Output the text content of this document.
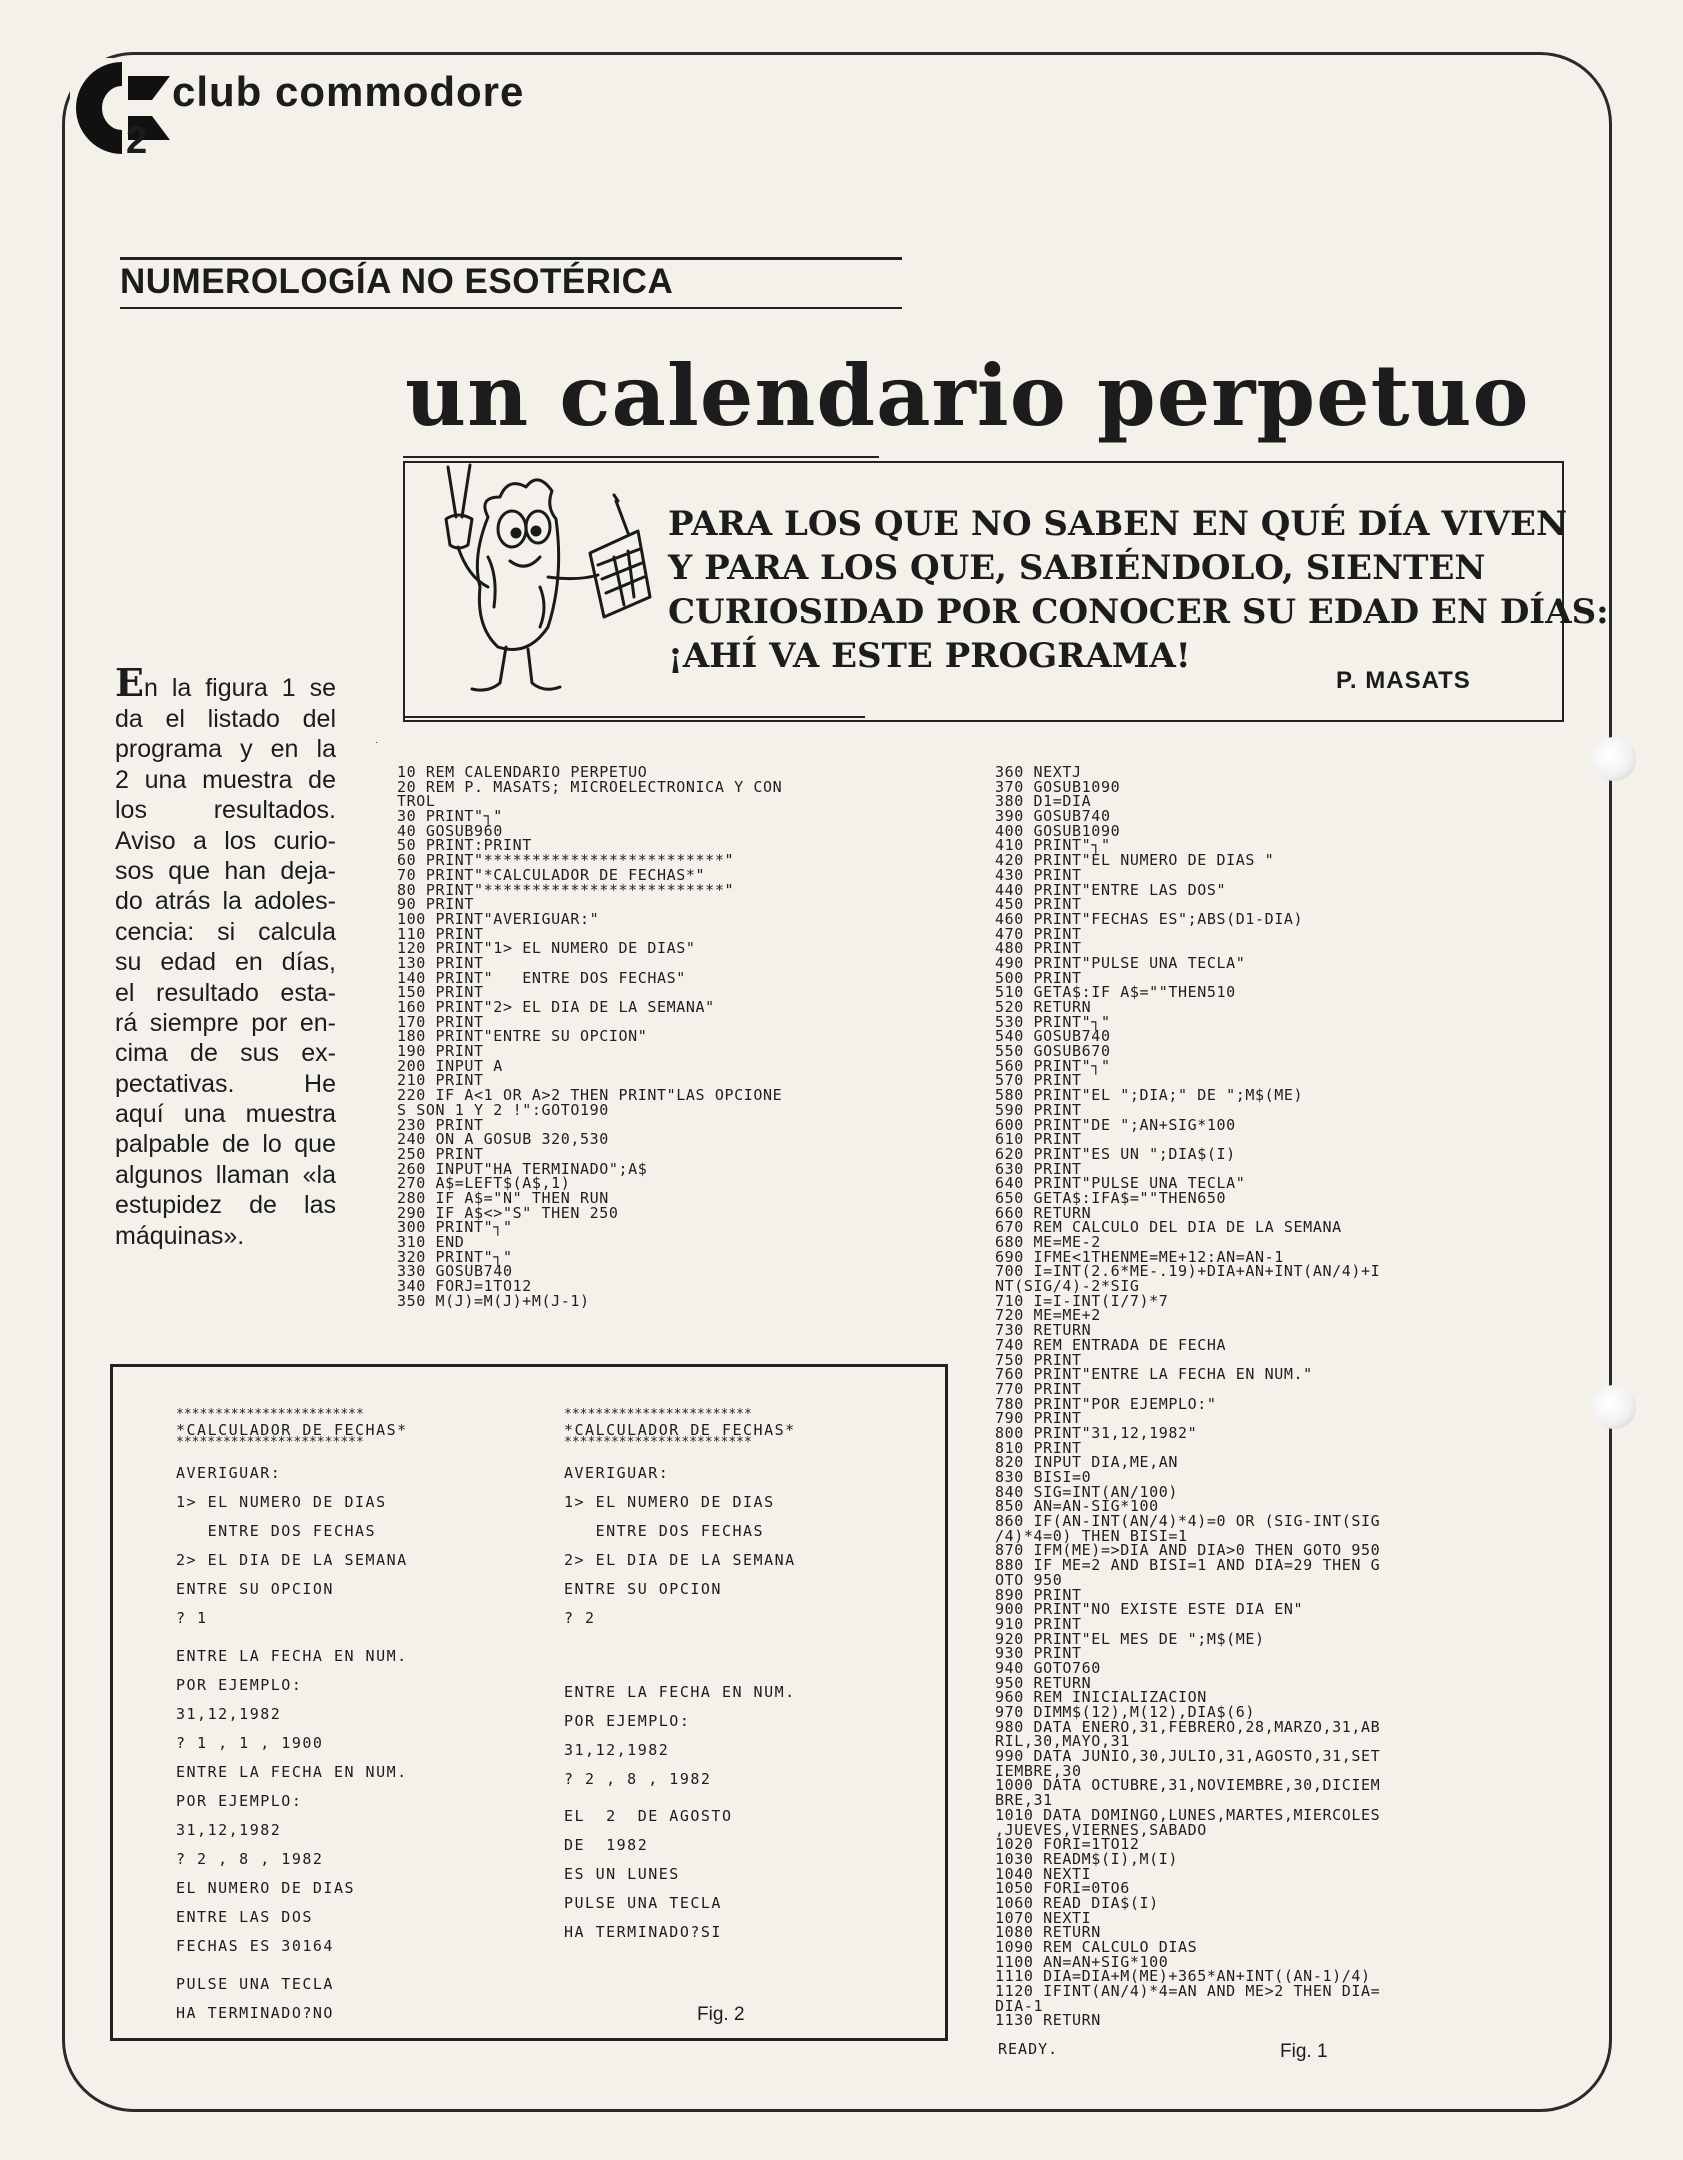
club commodore
2
NUMEROLOGÍA NO ESOTÉRICA
un calendario perpetuo
PARA LOS QUE NO SABEN EN QUÉ DÍA VIVEN
Y PARA LOS QUE, SABIÉNDOLO, SIENTEN
CURIOSIDAD POR CONOCER SU EDAD EN DÍAS:
¡AHÍ VA ESTE PROGRAMA!
P. MASATS
En la figura 1 se
da el listado del
programa y en la
2 una muestra de
los resultados.
Aviso a los curio-
sos que han deja-
do atrás la adoles-
cencia: si calcula
su edad en días,
el resultado esta-
rá siempre por en-
cima de sus ex-
pectativas. He
aquí una muestra
palpable de lo que
algunos llaman «la
estupidez de las
máquinas».
·
10 REM CALENDARIO PERPETUO
20 REM P. MASATS; MICROELECTRONICA Y CON
TROL
30 PRINT"┐"
40 GOSUB960
50 PRINT:PRINT
60 PRINT"*************************"
70 PRINT"*CALCULADOR DE FECHAS*"
80 PRINT"*************************"
90 PRINT
100 PRINT"AVERIGUAR:"
110 PRINT
120 PRINT"1> EL NUMERO DE DIAS"
130 PRINT
140 PRINT"   ENTRE DOS FECHAS"
150 PRINT
160 PRINT"2> EL DIA DE LA SEMANA"
170 PRINT
180 PRINT"ENTRE SU OPCION"
190 PRINT
200 INPUT A
210 PRINT
220 IF A<1 OR A>2 THEN PRINT"LAS OPCIONE
S SON 1 Y 2 !":GOTO190
230 PRINT
240 ON A GOSUB 320,530
250 PRINT
260 INPUT"HA TERMINADO";A$
270 A$=LEFT$(A$,1)
280 IF A$="N" THEN RUN
290 IF A$<>"S" THEN 250
300 PRINT"┐"
310 END
320 PRINT"┐"
330 GOSUB740
340 FORJ=1TO12
350 M(J)=M(J)+M(J-1)
360 NEXTJ
370 GOSUB1090
380 D1=DIA
390 GOSUB740
400 GOSUB1090
410 PRINT"┐"
420 PRINT"EL NUMERO DE DIAS "
430 PRINT
440 PRINT"ENTRE LAS DOS"
450 PRINT
460 PRINT"FECHAS ES";ABS(D1-DIA)
470 PRINT
480 PRINT
490 PRINT"PULSE UNA TECLA"
500 PRINT
510 GETA$:IF A$=""THEN510
520 RETURN
530 PRINT"┐"
540 GOSUB740
550 GOSUB670
560 PRINT"┐"
570 PRINT
580 PRINT"EL ";DIA;" DE ";M$(ME)
590 PRINT
600 PRINT"DE ";AN+SIG*100
610 PRINT
620 PRINT"ES UN ";DIA$(I)
630 PRINT
640 PRINT"PULSE UNA TECLA"
650 GETA$:IFA$=""THEN650
660 RETURN
670 REM CALCULO DEL DIA DE LA SEMANA
680 ME=ME-2
690 IFME<1THENME=ME+12:AN=AN-1
700 I=INT(2.6*ME-.19)+DIA+AN+INT(AN/4)+I
NT(SIG/4)-2*SIG
710 I=I-INT(I/7)*7
720 ME=ME+2
730 RETURN
740 REM ENTRADA DE FECHA
750 PRINT
760 PRINT"ENTRE LA FECHA EN NUM."
770 PRINT
780 PRINT"POR EJEMPLO:"
790 PRINT
800 PRINT"31,12,1982"
810 PRINT
820 INPUT DIA,ME,AN
830 BISI=0
840 SIG=INT(AN/100)
850 AN=AN-SIG*100
860 IF(AN-INT(AN/4)*4)=0 OR (SIG-INT(SIG
/4)*4=0) THEN BISI=1
870 IFM(ME)=>DIA AND DIA>0 THEN GOTO 950
880 IF ME=2 AND BISI=1 AND DIA=29 THEN G
OTO 950
890 PRINT
900 PRINT"NO EXISTE ESTE DIA EN"
910 PRINT
920 PRINT"EL MES DE ";M$(ME)
930 PRINT
940 GOTO760
950 RETURN
960 REM INICIALIZACION
970 DIMM$(12),M(12),DIA$(6)
980 DATA ENERO,31,FEBRERO,28,MARZO,31,AB
RIL,30,MAYO,31
990 DATA JUNIO,30,JULIO,31,AGOSTO,31,SET
IEMBRE,30
1000 DATA OCTUBRE,31,NOVIEMBRE,30,DICIEM
BRE,31
1010 DATA DOMINGO,LUNES,MARTES,MIERCOLES
,JUEVES,VIERNES,SABADO
1020 FORI=1TO12
1030 READM$(I),M(I)
1040 NEXTI
1050 FORI=0TO6
1060 READ DIA$(I)
1070 NEXTI
1080 RETURN
1090 REM CALCULO DIAS
1100 AN=AN+SIG*100
1110 DIA=DIA+M(ME)+365*AN+INT((AN-1)/4)
1120 IFINT(AN/4)*4=AN AND ME>2 THEN DIA=
DIA-1
1130 RETURN
READY.	Fig. 1
************************
*CALCULADOR DE FECHAS*
************************
AVERIGUAR:
1> EL NUMERO DE DIAS
ENTRE DOS FECHAS
2> EL DIA DE LA SEMANA
ENTRE SU OPCION
? 1
ENTRE LA FECHA EN NUM.
POR EJEMPLO:
31,12,1982
? 1 , 1 , 1900
ENTRE LA FECHA EN NUM.
POR EJEMPLO:
31,12,1982
? 2 , 8 , 1982
EL NUMERO DE DIAS
ENTRE LAS DOS
FECHAS ES 30164
PULSE UNA TECLA
HA TERMINADO?NO
************************
*CALCULADOR DE FECHAS*
************************
AVERIGUAR:
1> EL NUMERO DE DIAS
ENTRE DOS FECHAS
2> EL DIA DE LA SEMANA
ENTRE SU OPCION
? 2
ENTRE LA FECHA EN NUM.
POR EJEMPLO:
31,12,1982
? 2 , 8 , 1982
EL  2  DE AGOSTO
DE  1982
ES UN LUNES
PULSE UNA TECLA
HA TERMINADO?SI
Fig. 2
